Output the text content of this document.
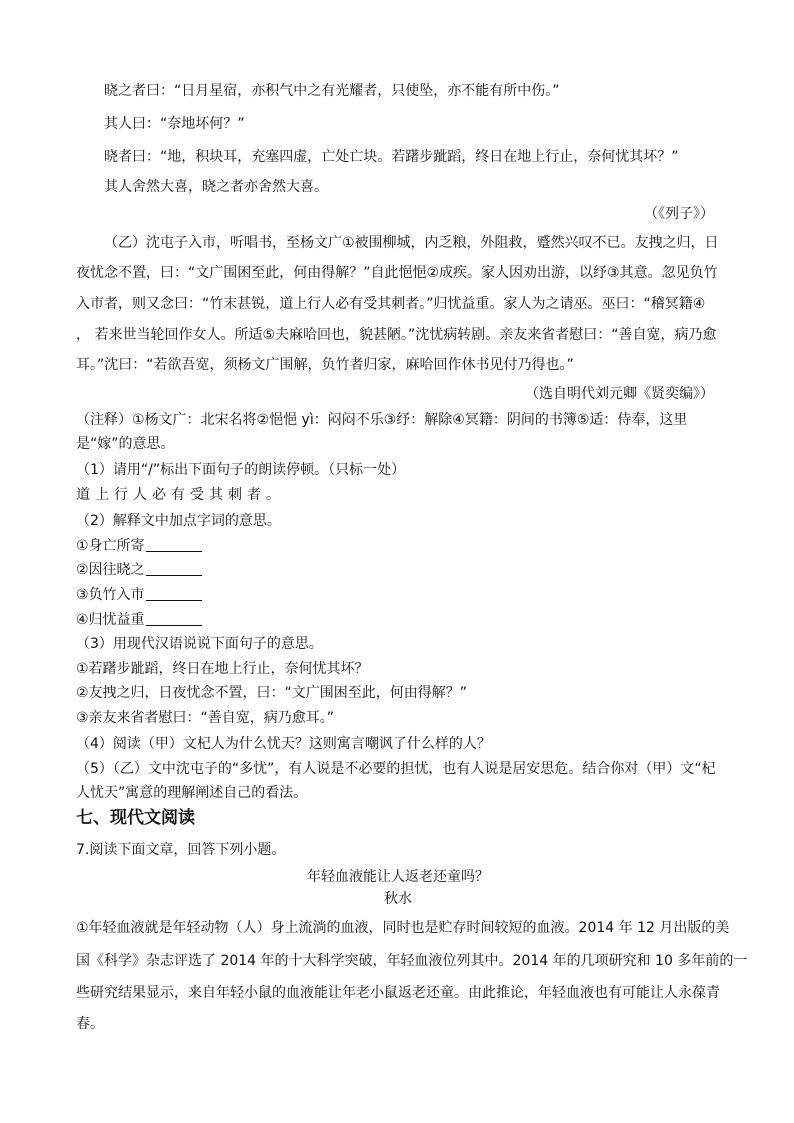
晓之者曰：“日月星宿，亦积气中之有光耀者，只使坠，亦不能有所中伤。”
其人曰：“奈地坏何？”
晓者曰：“地，积块耳，充塞四虚，亡处亡块。若躇步跐蹈，终日在地上行止，奈何忧其坏？”
其人舍然大喜，晓之者亦舍然大喜。
（《列子》）
（乙）沈屯子入市，听唱书，至杨文广①被围柳城，内乏粮，外阻救，蹙然兴叹不已。友拽之归，日
夜忧念不置，曰：“文广围困至此，何由得解？”自此悒悒②成疾。家人因劝出游，以纾③其意。忽见负竹
入市者，则又念曰：“竹末甚锐，道上行人必有受其刺者。”归忧益重。家人为之请巫。巫曰：“稽冥籍④
， 若来世当轮回作女人。所适⑤夫麻哈回也，貌甚陋。”沈忧病转剧。亲友来省者慰曰：“善自宽，病乃愈
耳。”沈曰：“若欲吾宽，须杨文广围解，负竹者归家，麻哈回作休书见付乃得也。”
（选自明代刘元卿《贤奕编》）
（注释）①杨文广：北宋名将②悒悒 yì：闷闷不乐③纾：解除④冥籍：阴间的书簿⑤适：侍奉，这里
是“嫁”的意思。
（1）请用“/”标出下面句子的朗读停顿。（只标一处）
道上行人必有受其刺者。
（2）解释文中加点字词的意思。
①身亡所寄
②因往晓之
③负竹入市
④归忧益重
（3）用现代汉语说说下面句子的意思。
①若躇步跐蹈，终日在地上行止，奈何忧其坏？
②友拽之归，日夜忧念不置，曰：“文广围困至此，何由得解？”
③亲友来省者慰曰：“善自宽，病乃愈耳。”
（4）阅读（甲）文杞人为什么忧天？这则寓言嘲讽了什么样的人？
（5）（乙）文中沈屯子的“多忧”，有人说是不必要的担忧，也有人说是居安思危。结合你对（甲）文“杞
人忧天”寓意的理解阐述自己的看法。
七、现代文阅读
7.阅读下面文章，回答下列小题。
年轻血液能让人返老还童吗？
秋水
①年轻血液就是年轻动物（人）身上流淌的血液，同时也是贮存时间较短的血液。2014 年 12 月出版的美
国《科学》杂志评选了 2014 年的十大科学突破，年轻血液位列其中。2014 年的几项研究和 10 多年前的一
些研究结果显示，来自年轻小鼠的血液能让年老小鼠返老还童。由此推论，年轻血液也有可能让人永葆青
春。
